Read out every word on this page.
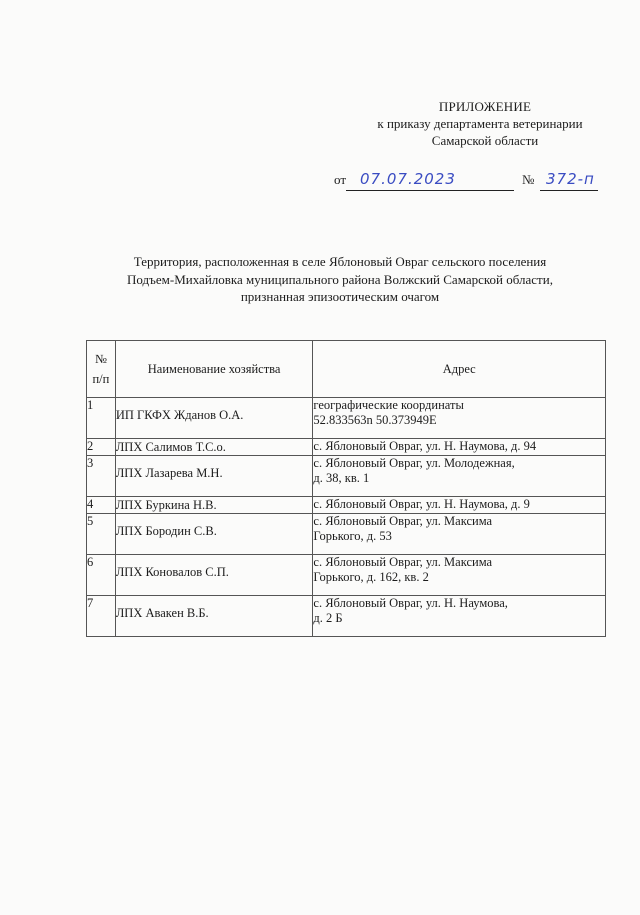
ПРИЛОЖЕНИЕ
к приказу департамента ветеринарии
Самарской области
от 07.07.2023	№ 372-п
Территория, расположенная в селе Яблоновый Овраг сельского поселения
Подъем-Михайловка муниципального района Волжский Самарской области,
признанная эпизоотическим очагом
№
п/п	Наименование хозяйства	Адрес
1	ИП ГКФХ Жданов О.А.	географические координаты
52.833563n 50.373949E

2	ЛПХ Салимов Т.С.о.	с. Яблоновый Овраг, ул. Н. Наумова, д. 94

3	ЛПХ Лазарева М.Н.	с. Яблоновый Овраг, ул. Молодежная,
д. 38, кв. 1

4	ЛПХ Буркина Н.В.	с. Яблоновый Овраг, ул. Н. Наумова, д. 9

5	ЛПХ Бородин С.В.	с. Яблоновый Овраг, ул. Максима
Горького, д. 53

6	ЛПХ Коновалов С.П.	с. Яблоновый Овраг, ул. Максима
Горького, д. 162, кв. 2

7	ЛПХ Авакен В.Б.	с. Яблоновый Овраг, ул. Н. Наумова,
д. 2 Б
